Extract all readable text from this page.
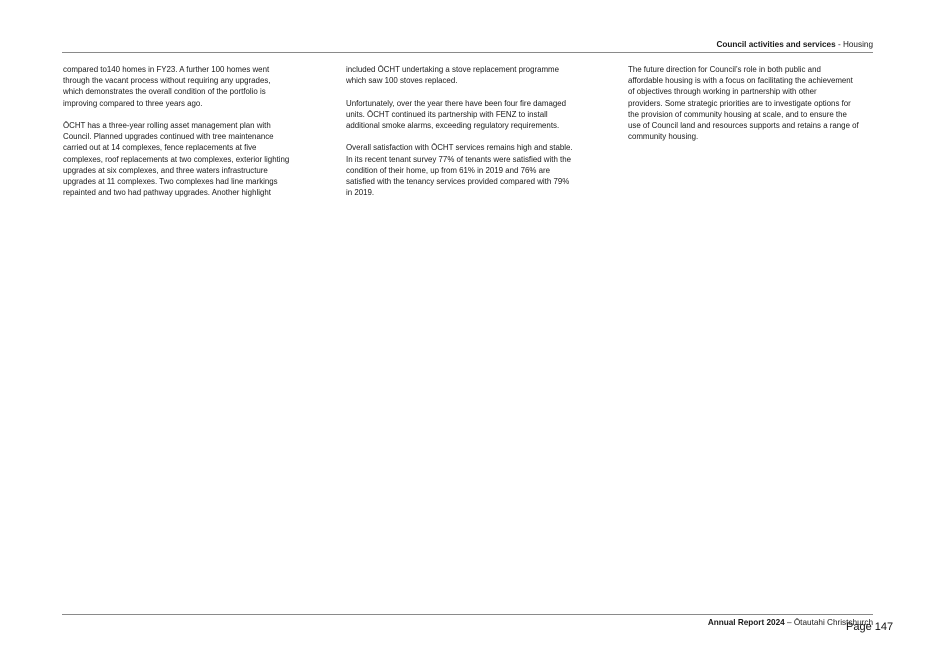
Council activities and services - Housing
compared to140 homes in FY23. A further 100 homes went
through the vacant process without requiring any upgrades,
which demonstrates the overall condition of the portfolio is
improving compared to three years ago.
ŌCHT has a three-year rolling asset management plan with
Council. Planned upgrades continued with tree maintenance
carried out at 14 complexes, fence replacements at five
complexes, roof replacements at two complexes, exterior lighting
upgrades at six complexes, and three waters infrastructure
upgrades at 11 complexes. Two complexes had line markings
repainted and two had pathway upgrades. Another highlight
included ŌCHT undertaking a stove replacement programme
which saw 100 stoves replaced.
Unfortunately, over the year there have been four fire damaged
units. ŌCHT continued its partnership with FENZ to install
additional smoke alarms, exceeding regulatory requirements.
Overall satisfaction with ŌCHT services remains high and stable.
In its recent tenant survey 77% of tenants were satisfied with the
condition of their home, up from 61% in 2019 and 76% are
satisfied with the tenancy services provided compared with 79%
in 2019.
The future direction for Council’s role in both public and
affordable housing is with a focus on facilitating the achievement
of objectives through working in partnership with other
providers. Some strategic priorities are to investigate options for
the provision of community housing at scale, and to ensure the
use of Council land and resources supports and retains a range of
community housing.
Annual Report 2024 – Ōtautahi Christchurch
Page 147
